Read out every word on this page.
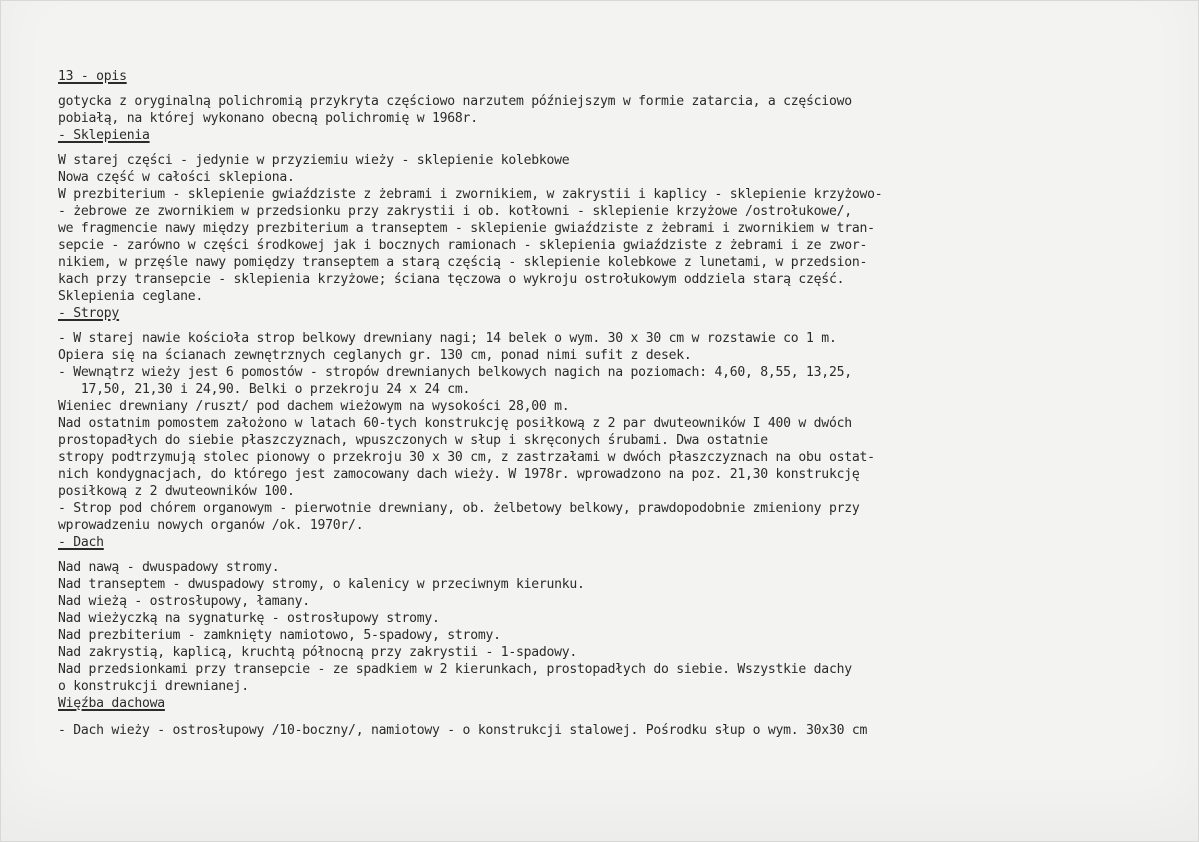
13 - opis
gotycka z oryginalną polichromią przykryta częściowo narzutem późniejszym w formie zatarcia, a częściowo
pobiałą, na której wykonano obecną polichromię w 1968r.
- Sklepienia
W starej części - jedynie w przyziemiu wieży - sklepienie kolebkowe
Nowa część w całości sklepiona.
W prezbiterium - sklepienie gwiaździste z żebrami i zwornikiem, w zakrystii i kaplicy - sklepienie krzyżowo-
- żebrowe ze zwornikiem w przedsionku przy zakrystii i ob. kotłowni - sklepienie krzyżowe /ostrołukowe/,
we fragmencie nawy między prezbiterium a transeptem - sklepienie gwiaździste z żebrami i zwornikiem w tran-
sepcie - zarówno w części środkowej jak i bocznych ramionach - sklepienia gwiaździste z żebrami i ze zwor-
nikiem, w przęśle nawy pomiędzy transeptem a starą częścią - sklepienie kolebkowe z lunetami, w przedsion-
kach przy transepcie - sklepienia krzyżowe; ściana tęczowa o wykroju ostrołukowym oddziela starą część.
Sklepienia ceglane.
- Stropy
- W starej nawie kościoła strop belkowy drewniany nagi; 14 belek o wym. 30 x 30 cm w rozstawie co 1 m.
Opiera się na ścianach zewnętrznych ceglanych gr. 130 cm, ponad nimi sufit z desek.
- Wewnątrz wieży jest 6 pomostów - stropów drewnianych belkowych nagich na poziomach: 4,60, 8,55, 13,25,
17,50, 21,30 i 24,90. Belki o przekroju 24 x 24 cm.
Wieniec drewniany /ruszt/ pod dachem wieżowym na wysokości 28,00 m.
Nad ostatnim pomostem założono w latach 60-tych konstrukcję posiłkową z 2 par dwuteowników I 400 w dwóch
prostopadłych do siebie płaszczyznach, wpuszczonych w słup i skręconych śrubami. Dwa ostatnie
stropy podtrzymują stolec pionowy o przekroju 30 x 30 cm, z zastrzałami w dwóch płaszczyznach na obu ostat-
nich kondygnacjach, do którego jest zamocowany dach wieży. W 1978r. wprowadzono na poz. 21,30 konstrukcję
posiłkową z 2 dwuteowników 100.
- Strop pod chórem organowym - pierwotnie drewniany, ob. żelbetowy belkowy, prawdopodobnie zmieniony przy
wprowadzeniu nowych organów /ok. 1970r/.
- Dach
Nad nawą - dwuspadowy stromy.
Nad transeptem - dwuspadowy stromy, o kalenicy w przeciwnym kierunku.
Nad wieżą - ostrosłupowy, łamany.
Nad wieżyczką na sygnaturkę - ostrosłupowy stromy.
Nad prezbiterium - zamknięty namiotowo, 5-spadowy, stromy.
Nad zakrystią, kaplicą, kruchtą północną przy zakrystii - 1-spadowy.
Nad przedsionkami przy transepcie - ze spadkiem w 2 kierunkach, prostopadłych do siebie. Wszystkie dachy
o konstrukcji drewnianej.
Więźba dachowa
- Dach wieży - ostrosłupowy /10-boczny/, namiotowy - o konstrukcji stalowej. Pośrodku słup o wym. 30x30 cm
